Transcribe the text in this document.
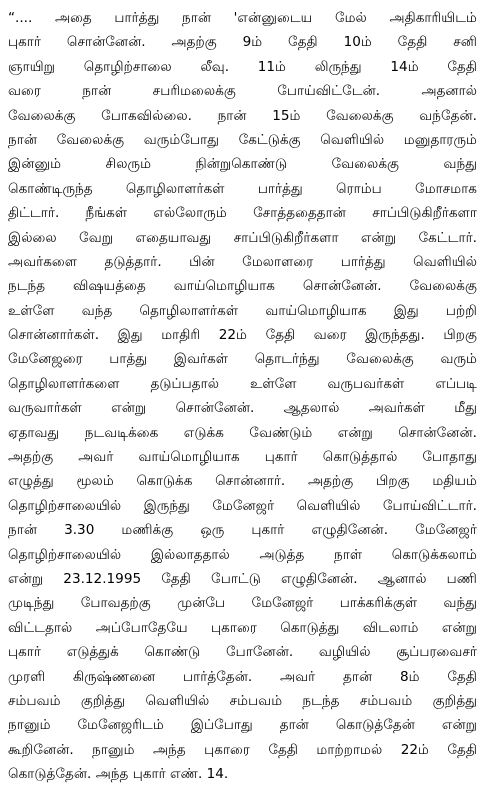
“.... அதை பார்த்து நான் 'என்னுடைய மேல் அதிகாரியிடம்
புகார் சொன்னேன். அதற்கு 9ம் தேதி 10ம் தேதி சனி
ஞாயிறு தொழிற்சாலை லீவு. 11ம் லிருந்து 14ம் தேதி
வரை நான் சபரிமலைக்கு போய்விட்டேன். அதனால்
வேலைக்கு போகவில்லை. நான் 15ம் வேலைக்கு வந்தேன்.
நான் வேலைக்கு வரும்போது கேட்டுக்கு வெளியில் மனுதாரரும்
இன்னும் சிலரும் நின்றுகொண்டு வேலைக்கு வந்து
கொண்டிருந்த தொழிலாளர்கள் பார்த்து ரொம்ப மோசமாக
திட்டார். நீங்கள் எல்லோரும் சோத்ததைதான் சாப்பிடுகிறீர்களா
இல்லை வேறு எதையாவது சாப்பிடுகிறீர்களா என்று கேட்டார்.
அவர்களை தடுத்தார். பின் மேலாளரை பார்த்து வெளியில்
நடந்த விஷயத்தை வாய்மொழியாக சொன்னேன். வேலைக்கு
உள்ளே வந்த தொழிலாளர்கள் வாய்மொழியாக இது பற்றி
சொன்னார்கள். இது மாதிரி 22ம் தேதி வரை இருந்தது. பிறகு
மேனேஜரை பாத்து இவர்கள் தொடர்ந்து வேலைக்கு வரும்
தொழிலாளர்களை தடுப்பதால் உள்ளே வருபவர்கள் எப்படி
வருவார்கள் என்று சொன்னேன். ஆதலால் அவர்கள் மீது
ஏதாவது நடவடிக்கை எடுக்க வேண்டும் என்று சொன்னேன்.
அதற்கு அவர் வாய்மொழியாக புகார் கொடுத்தால் போதாது
எழுத்து மூலம் கொடுக்க சொன்னார். அதற்கு பிறகு மதியம்
தொழிற்சாலையில் இருந்து மேனேஜர் வெளியில் போய்விட்டார்.
நான் 3.30 மணிக்கு ஒரு புகார் எழுதினேன். மேனேஜர்
தொழிற்சாலையில் இல்லாததால் அடுத்த நாள் கொடுக்கலாம்
என்று 23.12.1995 தேதி போட்டு எழுதினேன். ஆனால் பணி
முடிந்து போவதற்கு முன்பே மேனேஜர் பாக்கரிக்குள் வந்து
விட்டதால் அப்போதேயே புகாரை கொடுத்து விடலாம் என்று
புகார் எடுத்துக் கொண்டு போனேன். வழியில் சூப்பரவைசர்
முரளி கிருஷ்ணனை பார்த்தேன். அவர் தான் 8ம் தேதி
சம்பவம் குறித்து வெளியில் சம்பவம் நடந்த சம்பவம் குறித்து
நானும் மேனேஜரிடம் இப்போது தான் கொடுத்தேன் என்று
கூறினேன். நானும் அந்த புகாரை தேதி மாற்றாமல் 22ம் தேதி
கொடுத்தேன். அந்த புகார் எண். 14.
